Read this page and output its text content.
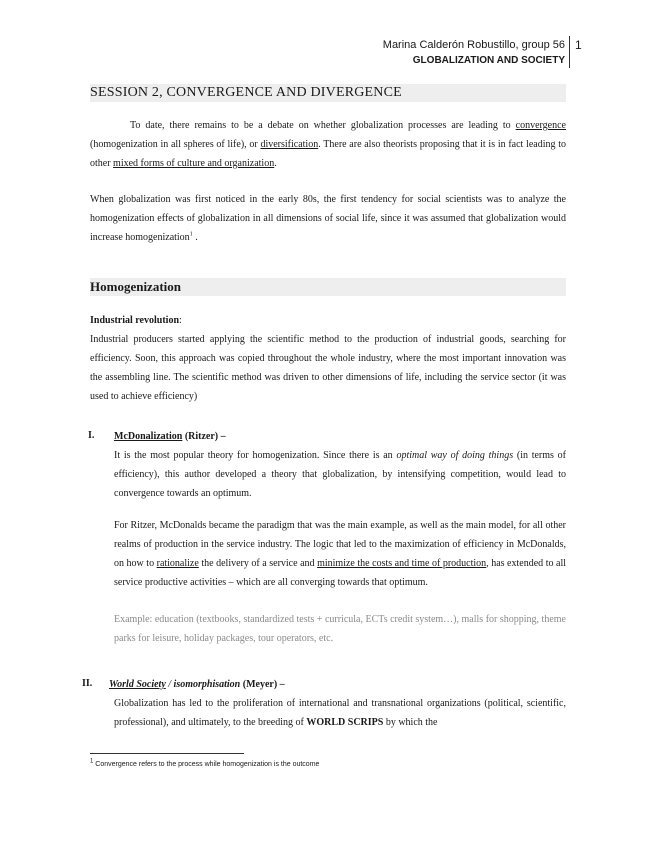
Marina Calderón Robustillo, group 56
GLOBALIZATION AND SOCIETY
1
SESSION 2, CONVERGENCE AND DIVERGENCE
To date, there remains to be a debate on whether globalization processes are leading to convergence (homogenization in all spheres of life), or diversification. There are also theorists proposing that it is in fact leading to other mixed forms of culture and organization.
When globalization was first noticed in the early 80s, the first tendency for social scientists was to analyze the homogenization effects of globalization in all dimensions of social life, since it was assumed that globalization would increase homogenization$^1$ .
Homogenization
Industrial revolution:
Industrial producers started applying the scientific method to the production of industrial goods, searching for efficiency. Soon, this approach was copied throughout the whole industry, where the most important innovation was the assembling line. The scientific method was driven to other dimensions of life, including the service sector (it was used to achieve efficiency)
I. McDonalization (Ritzer) –
It is the most popular theory for homogenization. Since there is an optimal way of doing things (in terms of efficiency), this author developed a theory that globalization, by intensifying competition, would lead to convergence towards an optimum.
For Ritzer, McDonalds became the paradigm that was the main example, as well as the main model, for all other realms of production in the service industry. The logic that led to the maximization of efficiency in McDonalds, on how to rationalize the delivery of a service and minimize the costs and time of production, has extended to all service productive activities – which are all converging towards that optimum.
Example: education (textbooks, standardized tests + curricula, ECTs credit system…), malls for shopping, theme parks for leisure, holiday packages, tour operators, etc.
II. World Society / isomorphisation (Meyer) –
Globalization has led to the proliferation of international and transnational organizations (political, scientific, professional), and ultimately, to the breeding of WORLD SCRIPS by which the
$^1$ Convergence refers to the process while homogenization is the outcome
